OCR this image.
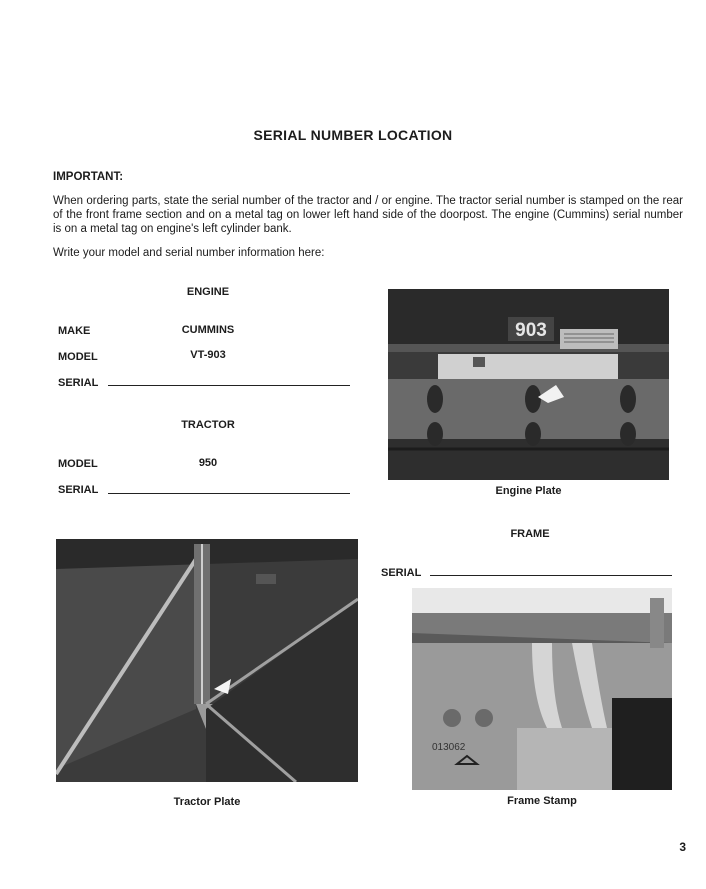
SERIAL NUMBER LOCATION
IMPORTANT:
When ordering parts, state the serial number of the tractor and / or engine. The tractor serial number is stamped on the rear of the front frame section and on a metal tag on lower left hand side of the doorpost. The engine (Cummins) serial number is on a metal tag on engine's left cylinder bank.
Write your model and serial number information here:
ENGINE
MAKE	CUMMINS
MODEL	VT-903
SERIAL
TRACTOR
MODEL	950
SERIAL
903
Engine Plate
FRAME
SERIAL
Tractor Plate
013062
Frame Stamp
3
